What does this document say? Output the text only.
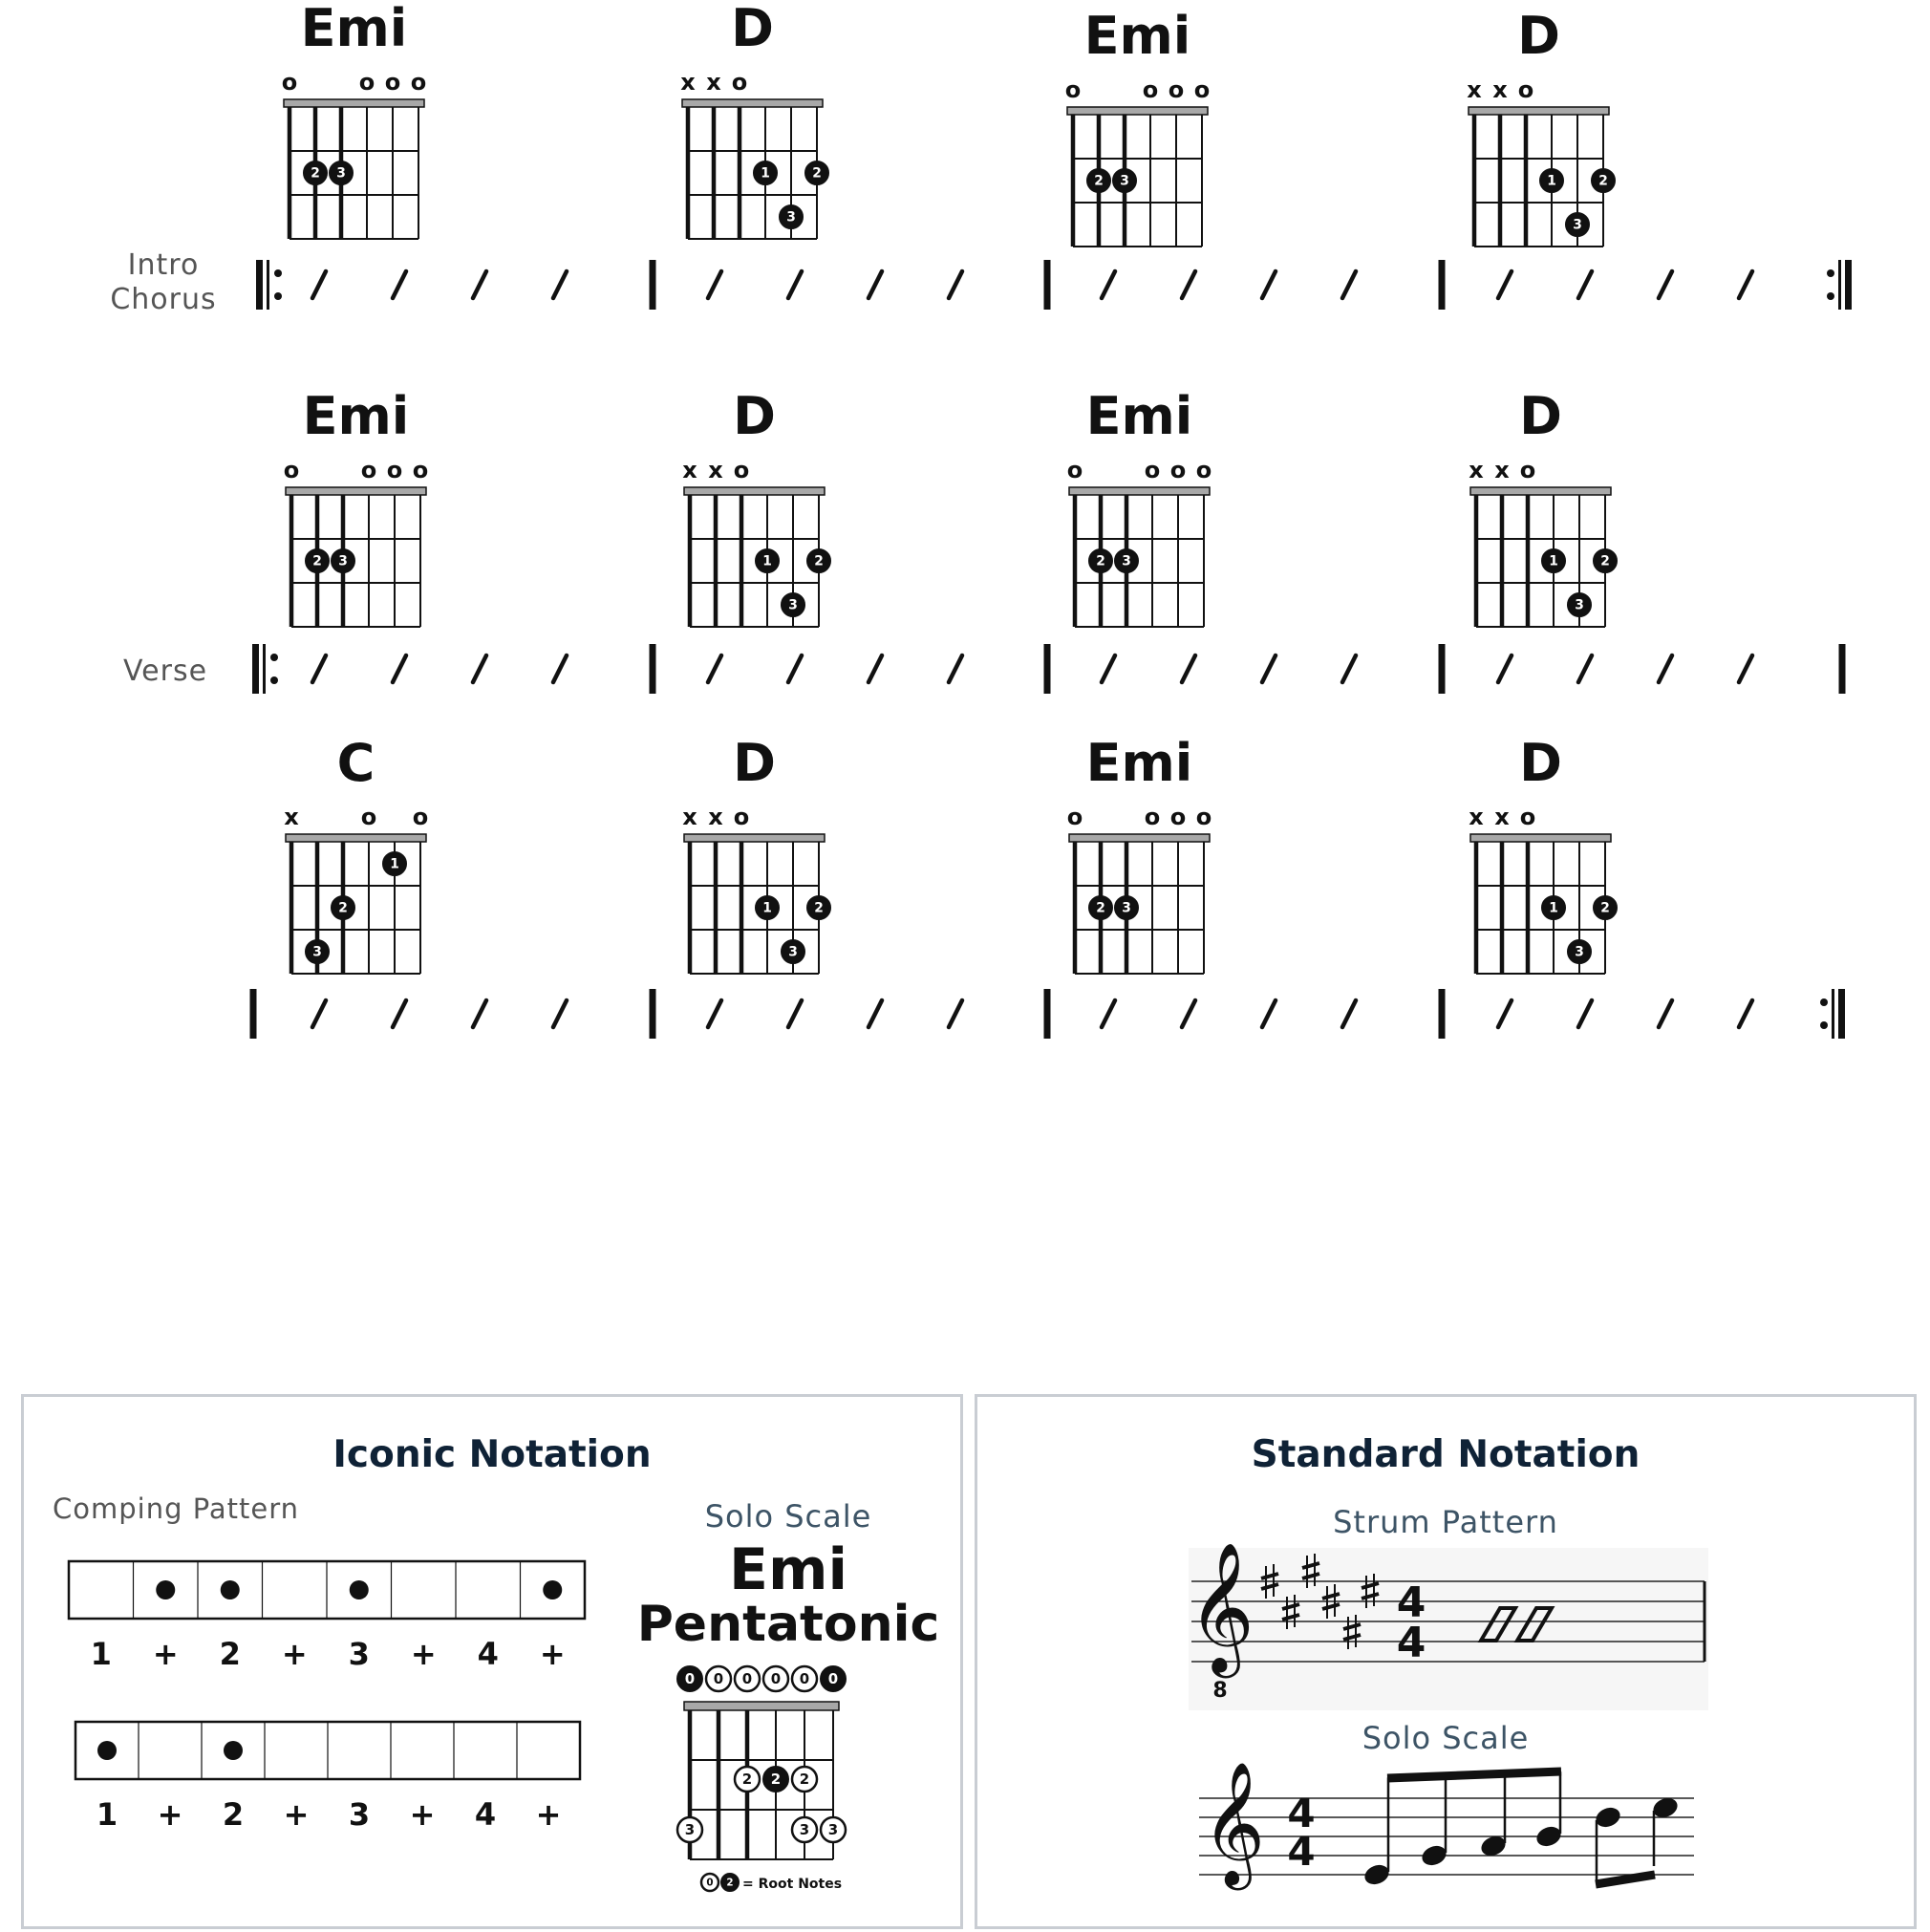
Intro
Chorus
Emi
o	o o o
2 3
D
x x o
1	2
3
Emi
o	o o o
2 3
D
x x o
1	2
3
Verse
Emi
o	o o o
2 3
D
x x o
1	2
3
Emi
o	o o o
2 3
D
x x o
1	2
3
C
x	o o
1
2
3
D
x x o
1	2
3
Emi
o	o o o
2 3
D
x x o
1	2
3
Iconic Notation
Comping Pattern	Solo Scale
Emi
Pentatonic
1 + 2 + 3 + 4 +
1 + 2 + 3 + 4 +
0 0 0 0 0 0
2 2 2
3	3 3
0 2 = Root Notes
Standard Notation
Strum Pattern
Solo Scale
𝄞
8
4
4
𝄞 4
4
